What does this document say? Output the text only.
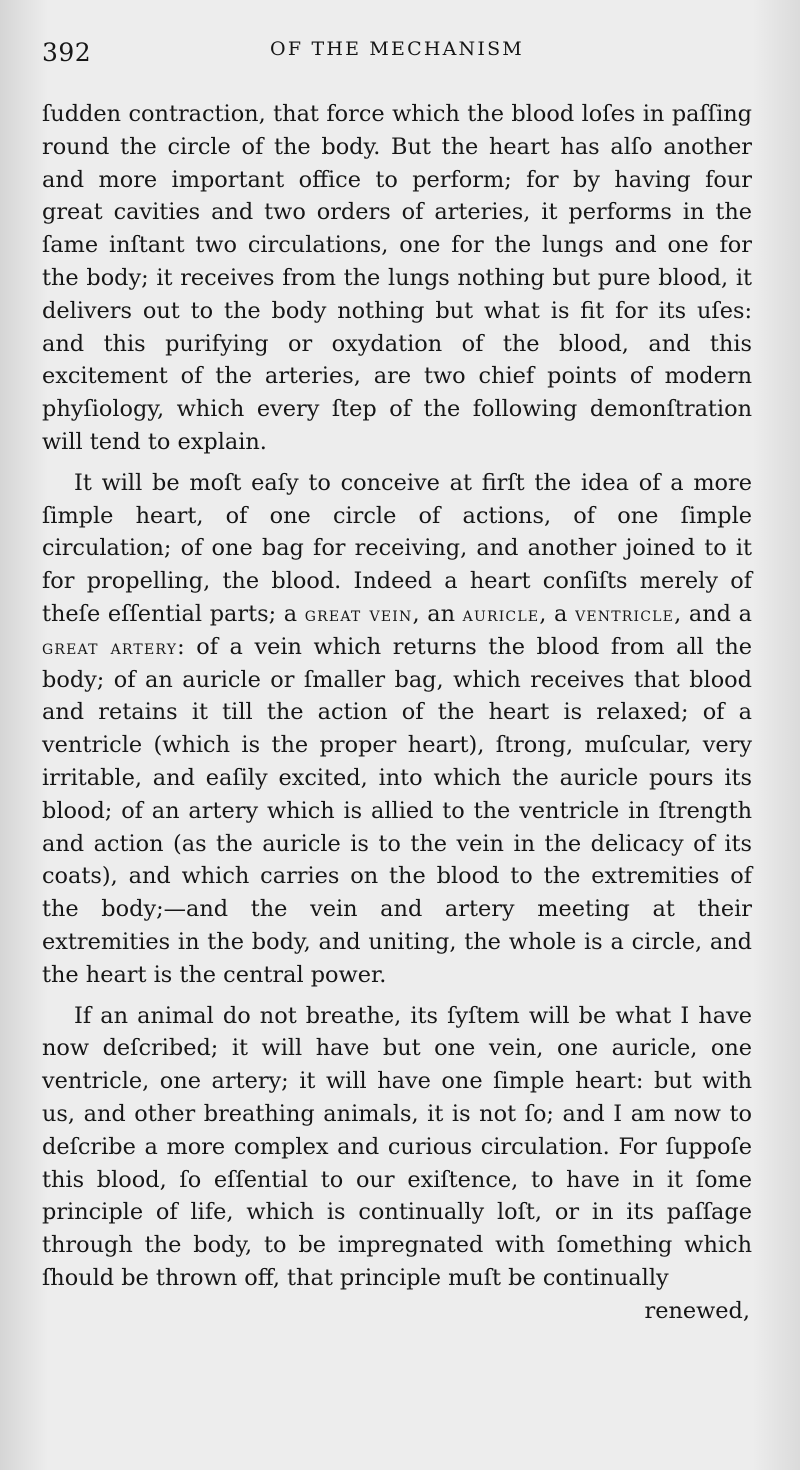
392	OF THE MECHANISM

ſudden contraction, that force which the blood loſes in paſſing round the circle of the body. But the heart has alſo another and more important office to perform; for by having four great cavities and two orders of arteries, it performs in the ſame inſtant two circulations, one for the lungs and one for the body; it receives from the lungs nothing but pure blood, it delivers out to the body nothing but what is fit for its uſes: and this purifying or oxydation of the blood, and this excitement of the arteries, are two chief points of modern phyſiology, which every ſtep of the following demonſtration will tend to explain.

It will be moſt eaſy to conceive at firſt the idea of a more ſimple heart, of one circle of actions, of one ſimple circulation; of one bag for receiving, and another joined to it for propelling, the blood. Indeed a heart conſiſts merely of theſe eſſential parts; a great vein, an auricle, a ventricle, and a great artery: of a vein which returns the blood from all the body; of an auricle or ſmaller bag, which receives that blood and retains it till the action of the heart is relaxed; of a ventricle (which is the proper heart), ſtrong, muſcular, very irritable, and eaſily excited, into which the auricle pours its blood; of an artery which is allied to the ventricle in ſtrength and action (as the auricle is to the vein in the delicacy of its coats), and which carries on the blood to the extremities of the body;—and the vein and artery meeting at their extremities in the body, and uniting, the whole is a circle, and the heart is the central power.

If an animal do not breathe, its ſyſtem will be what I have now deſcribed; it will have but one vein, one auricle, one ventricle, one artery; it will have one ſimple heart: but with us, and other breathing animals, it is not ſo; and I am now to deſcribe a more complex and curious circulation. For ſuppoſe this blood, ſo eſſential to our exiſtence, to have in it ſome principle of life, which is continually loſt, or in its paſſage through the body, to be impregnated with ſomething which ſhould be thrown off, that principle muſt be continually

renewed,
